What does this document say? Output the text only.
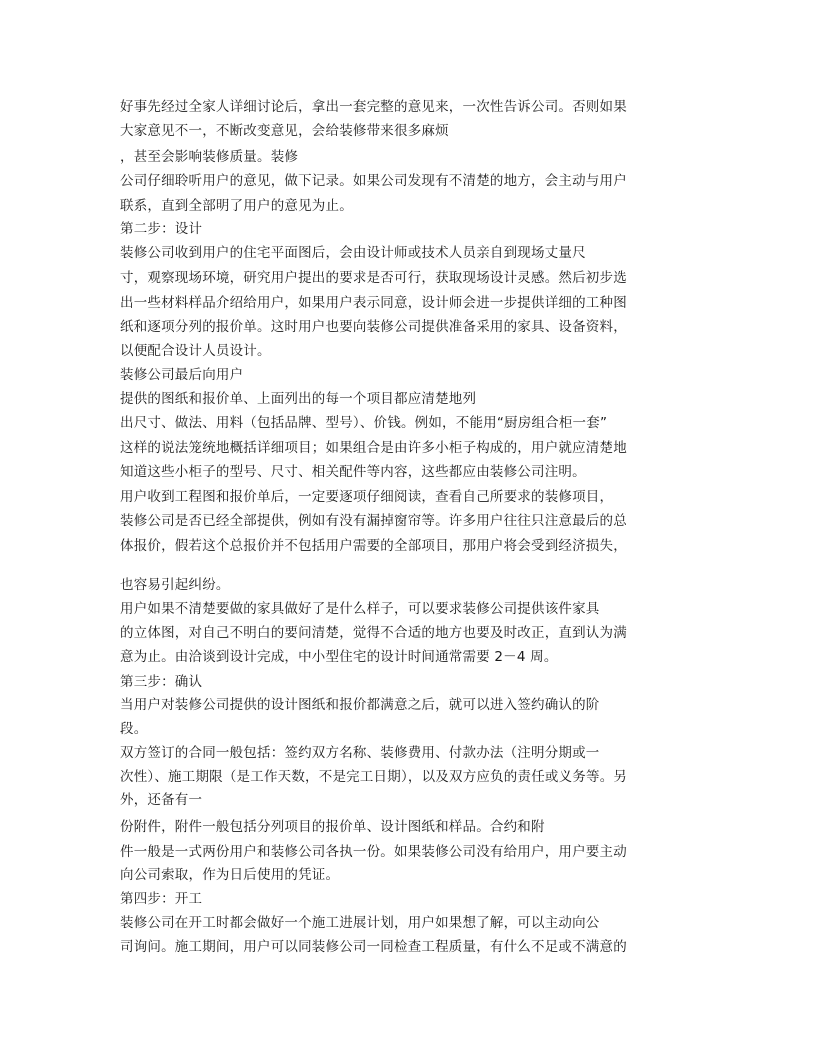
好事先经过全家人详细讨论后，拿出一套完整的意见来，一次性告诉公司。否则如果
大家意见不一，不断改变意见，会给装修带来很多麻烦
，甚至会影响装修质量。装修
公司仔细聆听用户的意见，做下记录。如果公司发现有不清楚的地方，会主动与用户
联系，直到全部明了用户的意见为止。
第二步：设计
装修公司收到用户的住宅平面图后，会由设计师或技术人员亲自到现场丈量尺
寸，观察现场环境，研究用户提出的要求是否可行，获取现场设计灵感。然后初步选
出一些材料样品介绍给用户，如果用户表示同意，设计师会进一步提供详细的工种图
纸和逐项分列的报价单。这时用户也要向装修公司提供准备采用的家具、设备资料，
以便配合设计人员设计。
装修公司最后向用户
提供的图纸和报价单、上面列出的每一个项目都应清楚地列
出尺寸、做法、用料（包括品牌、型号）、价钱。例如，不能用“厨房组合柜一套”
这样的说法笼统地概括详细项目；如果组合是由许多小柜子构成的，用户就应清楚地
知道这些小柜子的型号、尺寸、相关配件等内容，这些都应由装修公司注明。
用户收到工程图和报价单后，一定要逐项仔细阅读，查看自己所要求的装修项目，
装修公司是否已经全部提供，例如有没有漏掉窗帘等。许多用户往往只注意最后的总
体报价，假若这个总报价并不包括用户需要的全部项目，那用户将会受到经济损失，
也容易引起纠纷。
用户如果不清楚要做的家具做好了是什么样子，可以要求装修公司提供该件家具
的立体图，对自己不明白的要问清楚，觉得不合适的地方也要及时改正，直到认为满
意为止。由洽谈到设计完成，中小型住宅的设计时间通常需要 2－4 周。
第三步：确认
当用户对装修公司提供的设计图纸和报价都满意之后，就可以进入签约确认的阶
段。
双方签订的合同一般包括：签约双方名称、装修费用、付款办法（注明分期或一
次性）、施工期限（是工作天数，不是完工日期），以及双方应负的责任或义务等。另
外，还备有一
份附件，附件一般包括分列项目的报价单、设计图纸和样品。合约和附
件一般是一式两份用户和装修公司各执一份。如果装修公司没有给用户，用户要主动
向公司索取，作为日后使用的凭证。
第四步：开工
装修公司在开工时都会做好一个施工进展计划，用户如果想了解，可以主动向公
司询问。施工期间，用户可以同装修公司一同检查工程质量，有什么不足或不满意的
